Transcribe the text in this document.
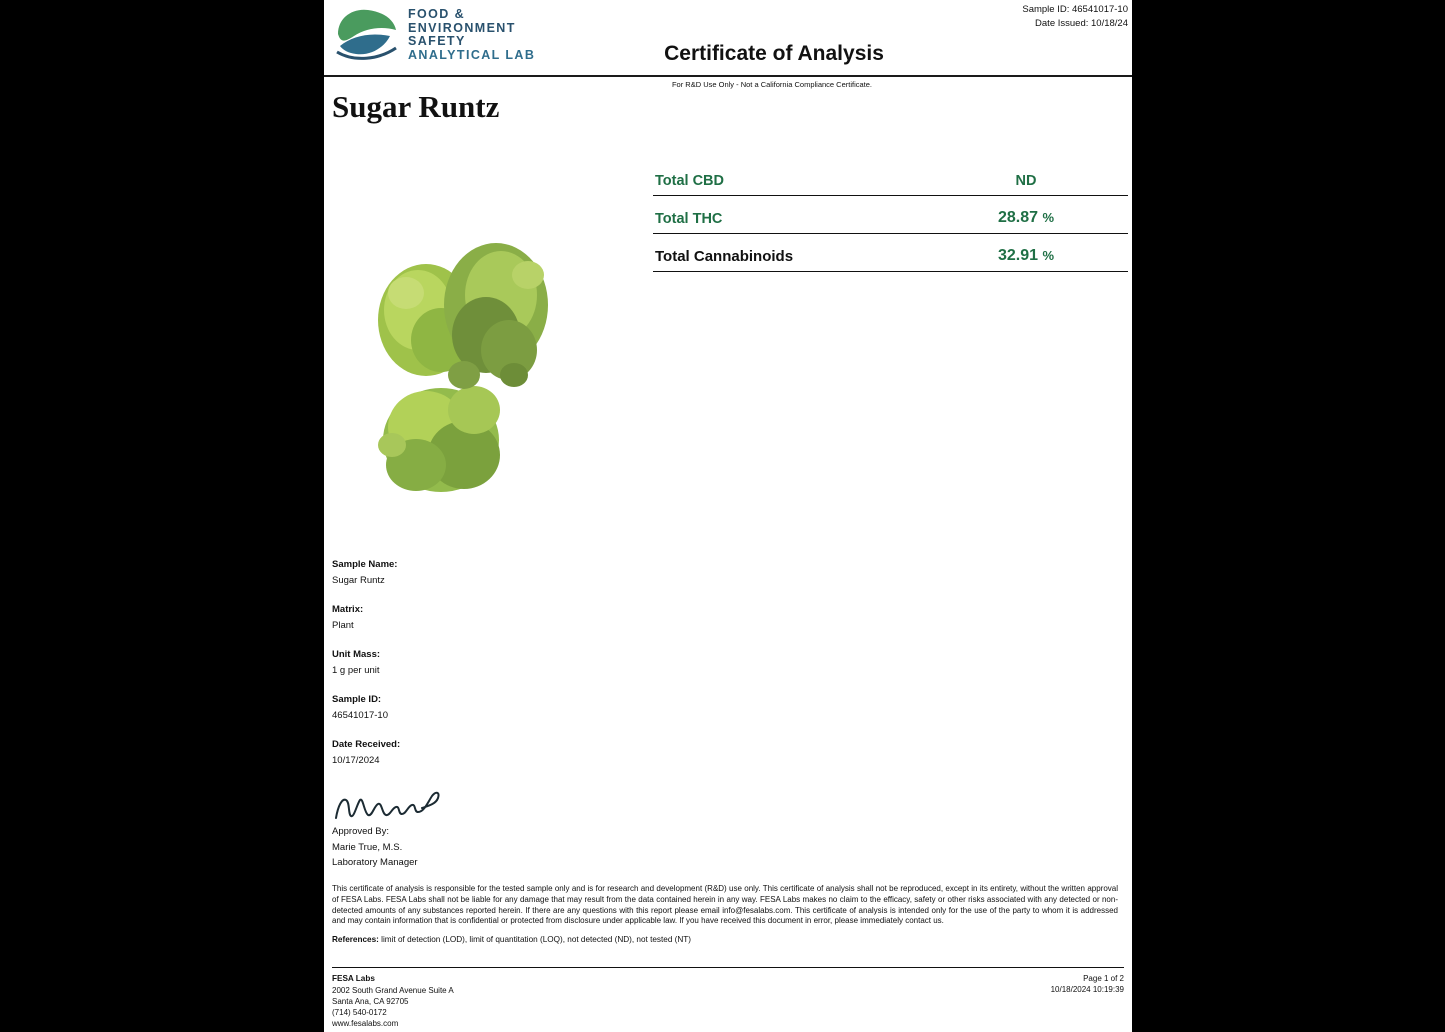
FOOD &
ENVIRONMENT
SAFETY
ANALYTICAL LAB	Certificate of Analysis
Sample ID: 46541017-10
Date Issued: 10/18/24
For R&D Use Only - Not a California Compliance Certificate.
Sugar Runtz
Total CBD	ND
Total THC	28.87 %
Total Cannabinoids	32.91 %
Sample Name:
Sugar Runtz
Matrix:
Plant
Unit Mass:
1 g per unit
Sample ID:
46541017-10
Date Received:
10/17/2024
Approved By:
Marie True, M.S.
Laboratory Manager
This certificate of analysis is responsible for the tested sample only and is for research and development (R&D) use only. This certificate of analysis shall not be reproduced, except in its entirety, without the written approval of FESA Labs. FESA Labs shall not be liable for any damage that may result from the data contained herein in any way. FESA Labs makes no claim to the efficacy, safety or other risks associated with any detected or non-detected amounts of any substances reported herein. If there are any questions with this report please email info@fesalabs.com. This certificate of analysis is intended only for the use of the party to whom it is addressed and may contain information that is confidential or protected from disclosure under applicable law. If you have received this document in error, please immediately contact us.
References: limit of detection (LOD), limit of quantitation (LOQ), not detected (ND), not tested (NT)
FESA Labs
2002 South Grand Avenue Suite A
Santa Ana, CA 92705
(714) 540-0172
www.fesalabs.com
Page 1 of 2
10/18/2024 10:19:39
